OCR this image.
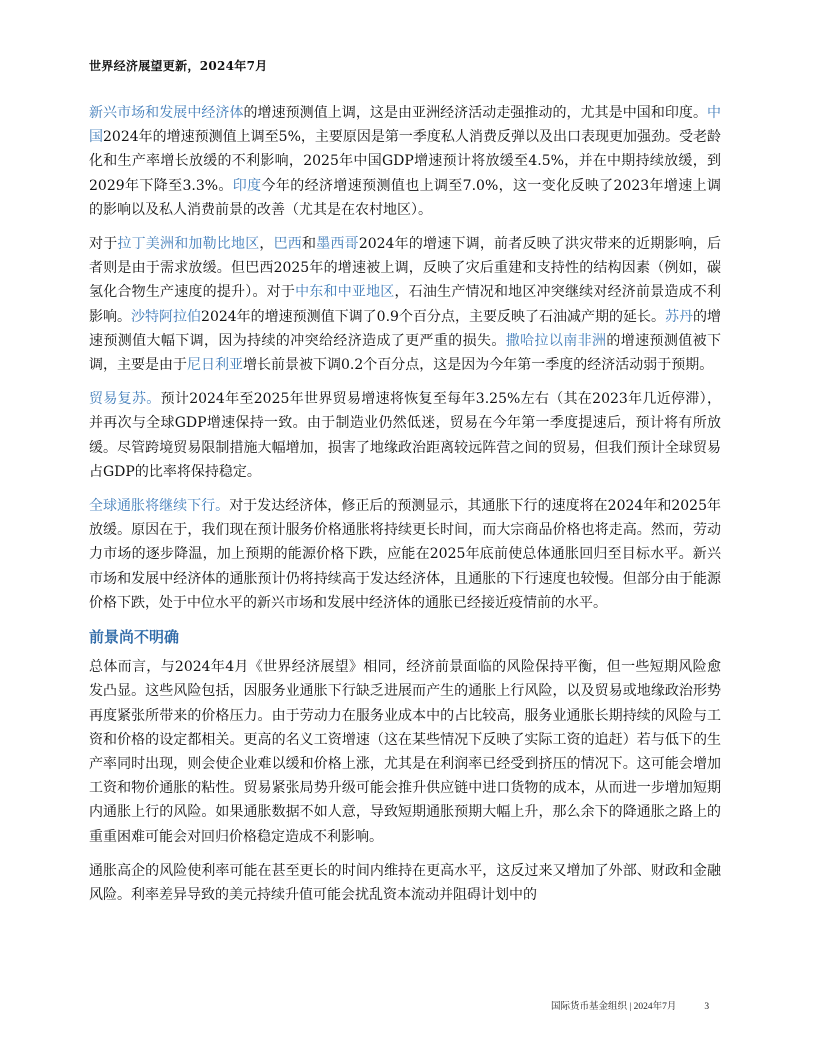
世界经济展望更新，2024年7月

新兴市场和发展中经济体的增速预测值上调，这是由亚洲经济活动走强推动的，尤其是中国和印度。中国2024年的增速预测值上调至5%，主要原因是第一季度私人消费反弹以及出口表现更加强劲。受老龄化和生产率增长放缓的不利影响，2025年中国GDP增速预计将放缓至4.5%，并在中期持续放缓，到2029年下降至3.3%。印度今年的经济增速预测值也上调至7.0%，这一变化反映了2023年增速上调的影响以及私人消费前景的改善（尤其是在农村地区）。

对于拉丁美洲和加勒比地区，巴西和墨西哥2024年的增速下调，前者反映了洪灾带来的近期影响，后者则是由于需求放缓。但巴西2025年的增速被上调，反映了灾后重建和支持性的结构因素（例如，碳氢化合物生产速度的提升）。对于中东和中亚地区，石油生产情况和地区冲突继续对经济前景造成不利影响。沙特阿拉伯2024年的增速预测值下调了0.9个百分点，主要反映了石油减产期的延长。苏丹的增速预测值大幅下调，因为持续的冲突给经济造成了更严重的损失。撒哈拉以南非洲的增速预测值被下调，主要是由于尼日利亚增长前景被下调0.2个百分点，这是因为今年第一季度的经济活动弱于预期。

贸易复苏。预计2024年至2025年世界贸易增速将恢复至每年3.25%左右（其在2023年几近停滞），并再次与全球GDP增速保持一致。由于制造业仍然低迷，贸易在今年第一季度提速后，预计将有所放缓。尽管跨境贸易限制措施大幅增加，损害了地缘政治距离较远阵营之间的贸易，但我们预计全球贸易占GDP的比率将保持稳定。

全球通胀将继续下行。对于发达经济体，修正后的预测显示，其通胀下行的速度将在2024年和2025年放缓。原因在于，我们现在预计服务价格通胀将持续更长时间，而大宗商品价格也将走高。然而，劳动力市场的逐步降温，加上预期的能源价格下跌，应能在2025年底前使总体通胀回归至目标水平。新兴市场和发展中经济体的通胀预计仍将持续高于发达经济体，且通胀的下行速度也较慢。但部分由于能源价格下跌，处于中位水平的新兴市场和发展中经济体的通胀已经接近疫情前的水平。

前景尚不明确

总体而言，与2024年4月《世界经济展望》相同，经济前景面临的风险保持平衡，但一些短期风险愈发凸显。这些风险包括，因服务业通胀下行缺乏进展而产生的通胀上行风险，以及贸易或地缘政治形势再度紧张所带来的价格压力。由于劳动力在服务业成本中的占比较高，服务业通胀长期持续的风险与工资和价格的设定都相关。更高的名义工资增速（这在某些情况下反映了实际工资的追赶）若与低下的生产率同时出现，则会使企业难以缓和价格上涨，尤其是在利润率已经受到挤压的情况下。这可能会增加工资和物价通胀的粘性。贸易紧张局势升级可能会推升供应链中进口货物的成本，从而进一步增加短期内通胀上行的风险。如果通胀数据不如人意，导致短期通胀预期大幅上升，那么余下的降通胀之路上的重重困难可能会对回归价格稳定造成不利影响。

通胀高企的风险使利率可能在甚至更长的时间内维持在更高水平，这反过来又增加了外部、财政和金融风险。利率差异导致的美元持续升值可能会扰乱资本流动并阻碍计划中的

国际货币基金组织 | 2024年7月	3
